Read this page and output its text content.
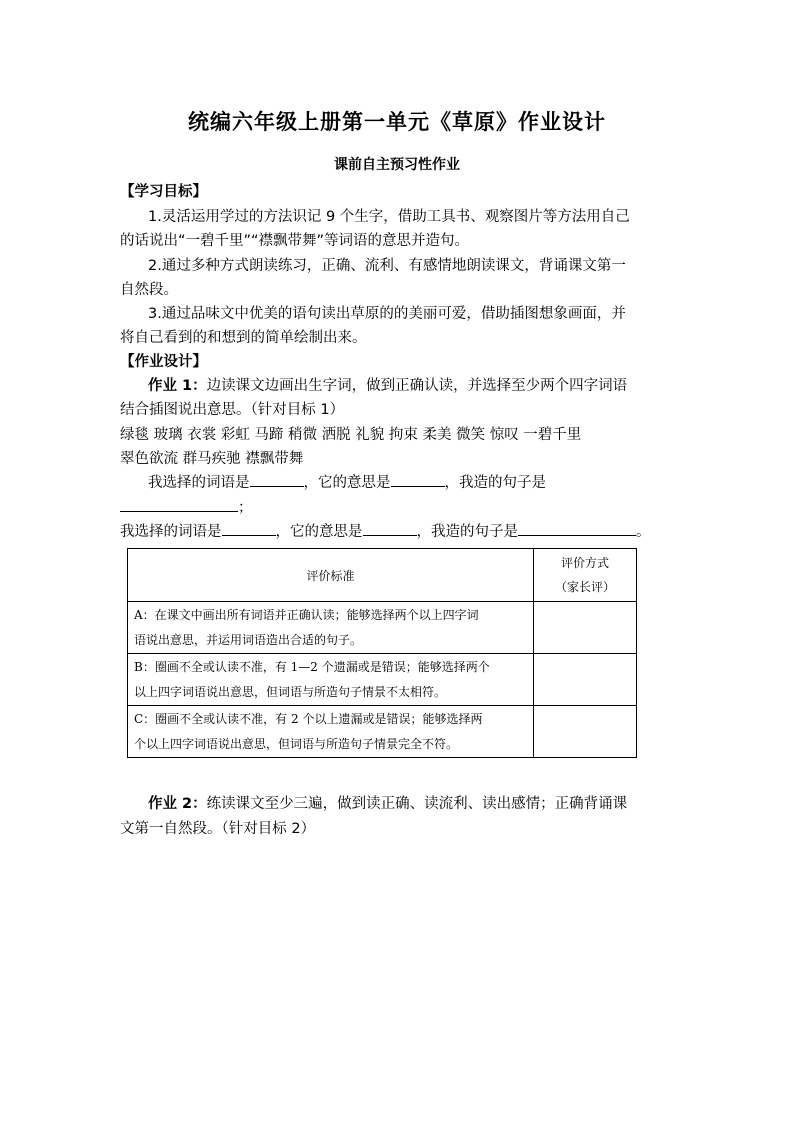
统编六年级上册第一单元《草原》作业设计
课前自主预习性作业
【学习目标】
1.灵活运用学过的方法识记 9 个生字，借助工具书、观察图片等方法用自己
的话说出“一碧千里”“襟飘带舞”等词语的意思并造句。
2.通过多种方式朗读练习，正确、流利、有感情地朗读课文，背诵课文第一
自然段。
3.通过品味文中优美的语句读出草原的的美丽可爱，借助插图想象画面，并
将自己看到的和想到的简单绘制出来。
【作业设计】
作业 1：边读课文边画出生字词，做到正确认读，并选择至少两个四字词语
结合插图说出意思。（针对目标 1）
绿毯 玻璃 衣裳 彩虹 马蹄 稍微 洒脱 礼貌 拘束 柔美 微笑 惊叹 一碧千里
翠色欲流 群马疾驰 襟飘带舞
我选择的词语是	，它的意思是	，我造的句子是
；
我选择的词语是	，它的意思是	，我造的句子是	。
评价标准	评价方式
（家长评）

A：在课文中画出所有词语并正确认读；能够选择两个以上四字词
语说出意思，并运用词语造出合适的句子。	

B：圈画不全或认读不准，有 1—2 个遗漏或是错误；能够选择两个
以上四字词语说出意思，但词语与所造句子情景不太相符。	

C：圈画不全或认读不准，有 2 个以上遗漏或是错误；能够选择两
个以上四字词语说出意思，但词语与所造句子情景完全不符。	

作业 2：练读课文至少三遍，做到读正确、读流利、读出感情；正确背诵课
文第一自然段。（针对目标 2）
